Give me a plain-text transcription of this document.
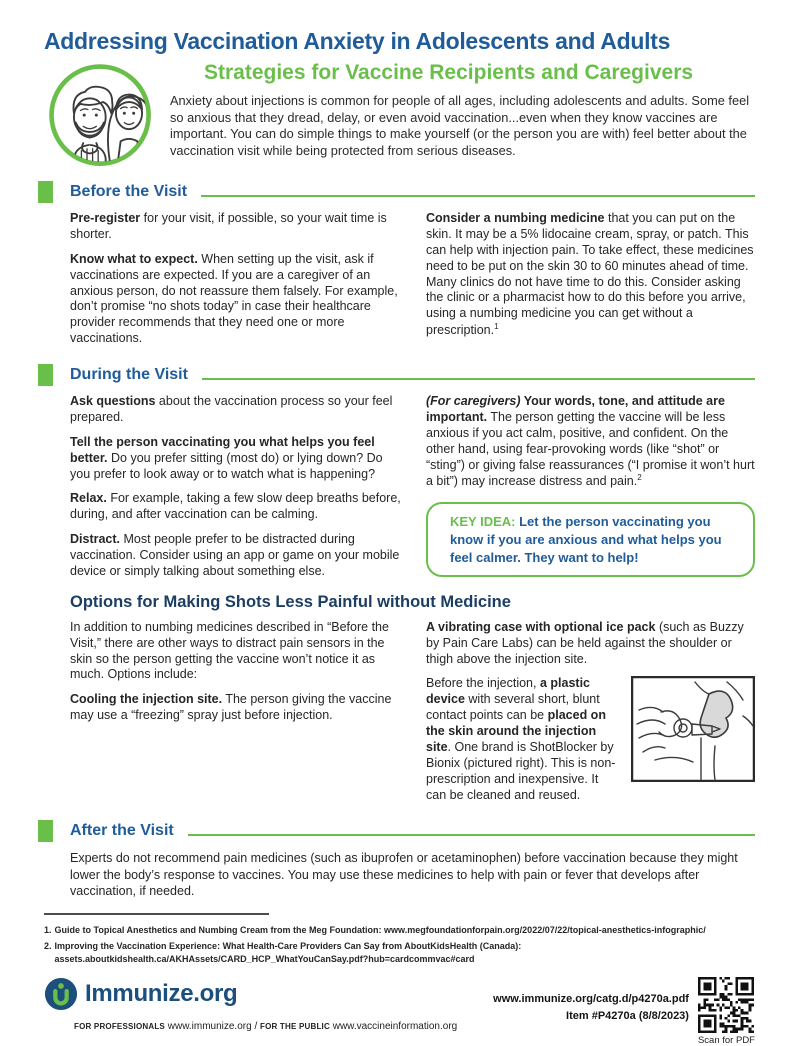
Addressing Vaccination Anxiety in Adolescents and Adults
Strategies for Vaccine Recipients and Caregivers

Anxiety about injections is common for people of all ages, including adolescents and adults. Some feel so anxious that they dread, delay, or even avoid vaccination...even when they know vaccines are important. You can do simple things to make yourself (or the person you are with) feel better about the vaccination visit while being protected from serious diseases.

Before the Visit

Pre-register for your visit, if possible, so your wait time is shorter.

Know what to expect. When setting up the visit, ask if vaccinations are expected. If you are a caregiver of an anxious person, do not reassure them falsely. For example, don’t promise “no shots today” in case their healthcare provider recommends that they need one or more vaccinations.

Consider a numbing medicine that you can put on the skin. It may be a 5% lidocaine cream, spray, or patch. This can help with injection pain. To take effect, these medicines need to be put on the skin 30 to 60 minutes ahead of time. Many clinics do not have time to do this. Consider asking the clinic or a pharmacist how to do this before you arrive, using a numbing medicine you can get without a prescription.$^1$

During the Visit

Ask questions about the vaccination process so your feel prepared.

Tell the person vaccinating you what helps you feel better. Do you prefer sitting (most do) or lying down? Do you prefer to look away or to watch what is happening?

Relax. For example, taking a few slow deep breaths before, during, and after vaccination can be calming.

Distract. Most people prefer to be distracted during vaccination. Consider using an app or game on your mobile device or simply talking about something else.

(For caregivers) Your words, tone, and attitude are important. The person getting the vaccine will be less anxious if you act calm, positive, and confident. On the other hand, using fear-provoking words (like “shot” or “sting”) or giving false reassurances (“I promise it won’t hurt a bit”) may increase distress and pain.$^2$

KEY IDEA: Let the person vaccinating you know if you are anxious and what helps you feel calmer. They want to help!
Options for Making Shots Less Painful without Medicine

In addition to numbing medicines described in “Before the Visit,” there are other ways to distract pain sensors in the skin so the person getting the vaccine won’t notice it as much. Options include:

Cooling the injection site. The person giving the vaccine may use a “freezing” spray just before injection.

A vibrating case with optional ice pack (such as Buzzy by Pain Care Labs) can be held against the shoulder or thigh above the injection site.

Before the injection, a plastic device with several short, blunt contact points can be placed on the skin around the injection site. One brand is ShotBlocker by Bionix (pictured right). This is non-prescription and inexpensive. It can be cleaned and reused.
After the Visit

Experts do not recommend pain medicines (such as ibuprofen or acetaminophen) before vaccination because they might lower the body’s response to vaccines. You may use these medicines to help with pain or fever that develops after vaccination, if needed.

1. Guide to Topical Anesthetics and Numbing Cream from the Meg Foundation: www.megfoundationforpain.org/2022/07/22/topical-anesthetics-infographic/
2. Improving the Vaccination Experience: What Health-Care Providers Can Say from AboutKidsHealth (Canada): assets.aboutkidshealth.ca/AKHAssets/CARD_HCP_WhatYouCanSay.pdf?hub=cardcommvac#card
Immunize.org
FOR PROFESSIONALS www.immunize.org / FOR THE PUBLIC www.vaccineinformation.org
www.immunize.org/catg.d/p4270a.pdf
Item #P4270a (8/8/2023)
Scan for PDF
